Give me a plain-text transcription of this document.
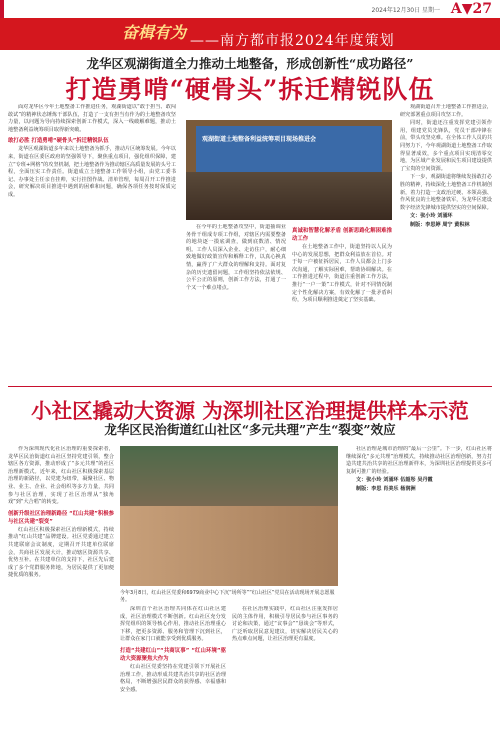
2024年12月30日 星期一 A▼27
奋楫有为 ——南方都市报2024年度策划
龙华区观湖街道全力推动土地整备，形成创新性“成功路径”
打造勇啃“硬骨头”拆迁精锐队伍

面对龙华区今年土地整备工作推进任务，观湖街道以“敢于担当、敢闯敢试”的精神状态锤炼干部队伍，打造了一支有担当有作为的土地整备攻坚力量，以问题为导向持续探索创新工作模式，深入一线破解难题，推动土地整备利益统筹项目取得新突破。

敢打必胜 打造勇啃“硬骨头”拆迁精锐队伍

龙华区观湖街道多年来以土地整备为抓手，推动片区统筹发展。今年以来，街道在区委区政府的坚强领导下，聚焦重点项目，强化组织保障，建立“专班+网格”的攻坚机制，把土地整备作为推动辖区高质量发展的头号工程，全面压实工作责任。街道成立土地整备工作领导小组，由党工委书记、办事处主任亲自挂帅，实行挂图作战、清单管理，每周召开工作推进会，研究解决项目推进中遇到的困难和问题，确保各项任务按时保质完成。

观湖街道土地整备利益统筹项目现场推进会

在今年的土地整备攻坚中，街道抽调业务骨干组成专项工作组，对辖区内需要整备的地块逐一摸底调查，做到底数清、情况明。工作人员深入企业、走访住户，耐心细致地做好政策宣传和解释工作，以真心换真情，赢得了广大群众的理解和支持。面对复杂的历史遗留问题，工作组坚持依法依规、公平公正的原则，创新工作方法，打通了一个又一个难点堵点。

真诚和智慧化解矛盾 创新思路化解困难推动工作

在土地整备工作中，街道坚持以人民为中心的发展思想，把群众利益放在首位。对于每一户被征拆居民，工作人员都会上门多次沟通，了解实际困难，帮助协调解决。在工作推进过程中，街道注重创新工作方法，推行“一户一策”工作模式，针对不同情况制定个性化解决方案，有效化解了一批矛盾纠纷，为项目顺利推进奠定了坚实基础。

观湖街道召开土地整备工作推进会，研究部署重点项目攻坚工作。

同时，街道还注重发挥党建引领作用，组建党员先锋队，党员干部冲锋在前，带头攻坚克难。在全体工作人员的共同努力下，今年观湖街道土地整备工作取得显著成效，多个重点项目实现清零交地，为区域产业发展和民生项目建设提供了宝贵的空间资源。

下一步，观湖街道将继续发扬敢打必胜的精神，持续深化土地整备工作机制创新，着力打造一支政治过硬、本领高强、作风优良的土地整备铁军，为龙华区建设数字经济先锋城市提供坚实的空间保障。

文：张小玲 刘涌环

制版：李思婷 周宁 黄积林

小社区撬动大资源 为深圳社区治理提供样本示范
龙华区民治街道红山社区“多元共理”产生“裂变”效应

作为深圳现代化社区治理的重要探索者，龙华区民治街道红山社区坚持党建引领，整合辖区各方资源，推动形成了“多元共理”的社区治理新模式。近年来，红山社区积极探索基层治理的新路径，以党建为纽带，凝聚社区、物业、业主、企业、社会组织等多方力量，共同参与社区治理，实现了社区治理从“独角戏”到“大合唱”的转变。

创新升级社区治理新路径 “红山共建”积极参与社区共建“裂变”

红山社区积极探索社区治理新模式，持续推动“红山共建”品牌建设。社区党委通过建立共建联席会议制度，定期召开共建单位联席会，共商社区发展大计，推动辖区资源共享、优势互补。在共建单位的支持下，社区先后建成了多个党群服务阵地，为居民提供了更加便捷优质的服务。

今年3月8日，红山社区党委和6979商业中心下沉“场所等”“红山社区”党员在活动现场开展志愿服务。

深圳首个社区治理共同体在红山社区建成，社区治理模式不断创新。红山社区充分发挥党组织的领导核心作用，推动社区治理重心下移，把更多资源、服务和管理下沉到社区，让群众在家门口就能享受到优质服务。

打造“共建红山”“共商议事” “红山环境”驱动大资源聚焦大作为

红山社区党委坚持在党建引领下开展社区治理工作，推动形成共建共治共享的社区治理格局，不断增强居民群众的获得感、幸福感和安全感。

在社区治理实践中，红山社区注重发挥居民的主体作用，积极引导居民参与社区事务的讨论和决策，通过“议事会”“恳谈会”等形式，广泛听取居民意见建议，切实解决居民关心的热点难点问题，让社区治理更有温度。

社区治理是城市治理的“最后一公里”。下一步，红山社区将继续深化“多元共理”治理模式，持续推动社区治理创新，努力打造共建共治共享的社区治理新样本，为深圳社区治理提供更多可复制可推广的经验。

文：张小玲 刘涌环 伍韶彤 吴丹霞

制版：李思 肖美乐 杨润洲
